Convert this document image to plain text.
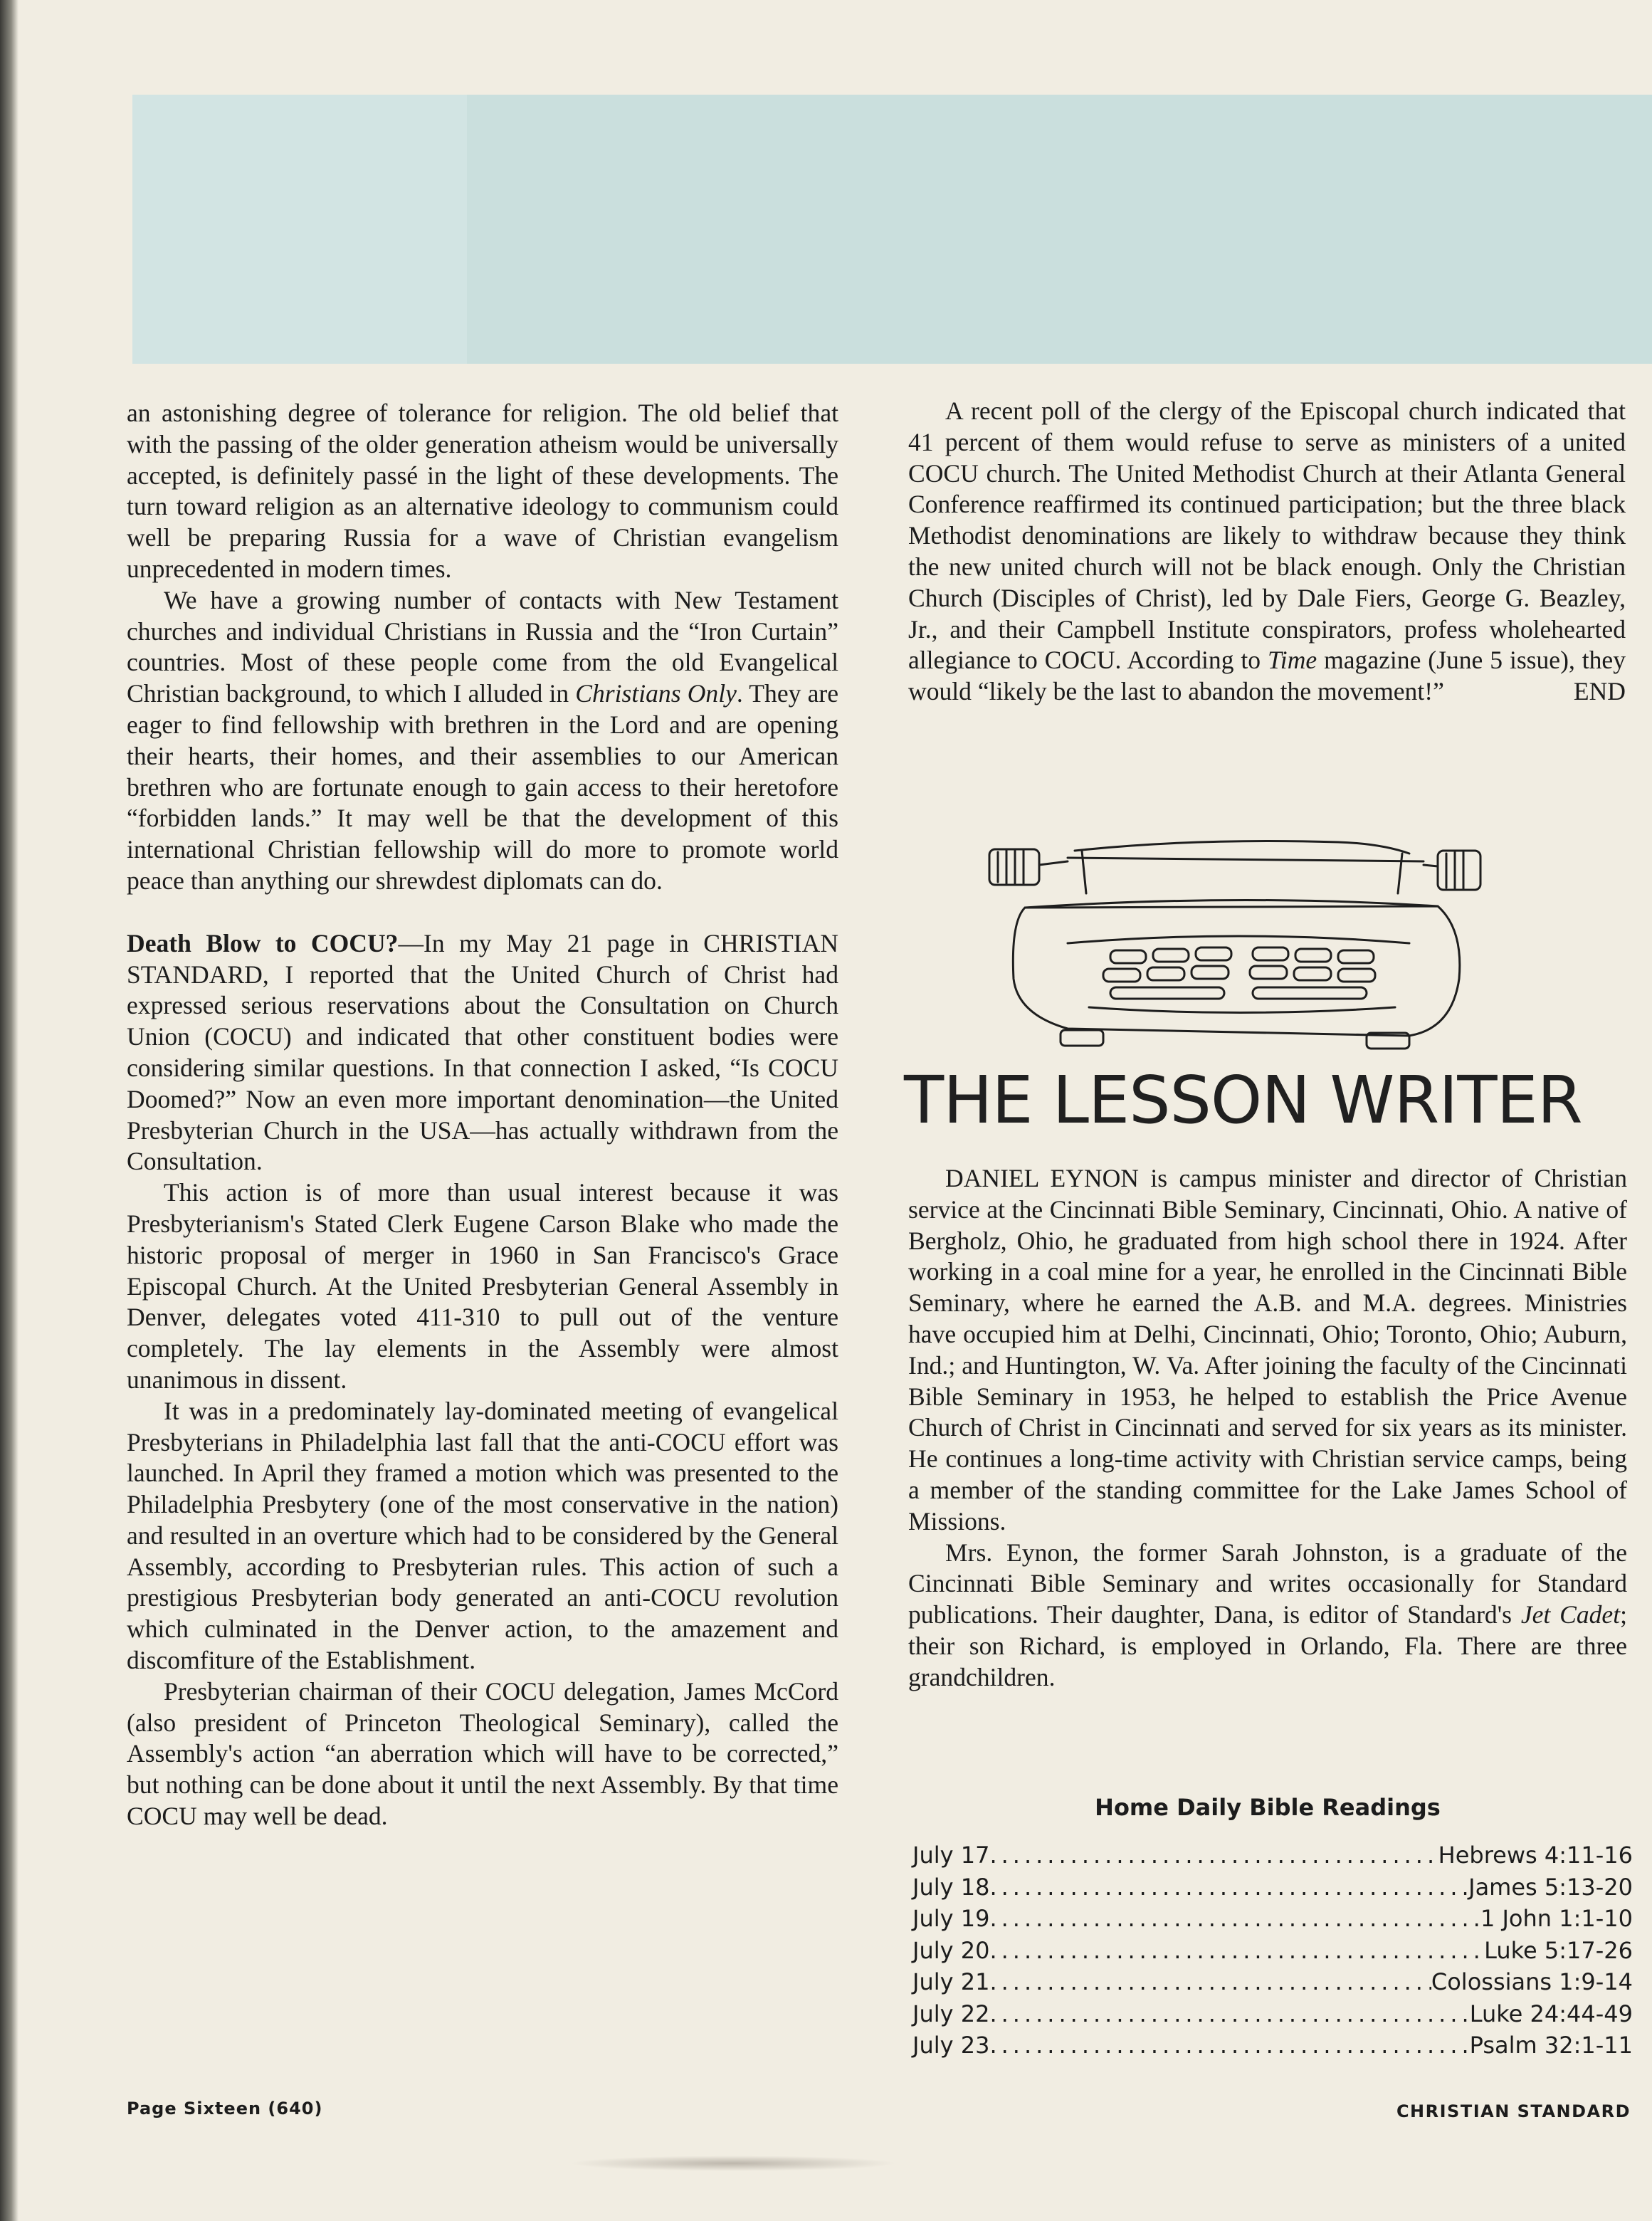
an astonishing degree of tolerance for religion. The old belief that with the passing of the older generation atheism would be universally accepted, is definitely passé in the light of these developments. The turn toward religion as an alternative ideology to communism could well be preparing Russia for a wave of Christian evangelism unprecedented in modern times.

We have a growing number of contacts with New Testament churches and individual Christians in Russia and the “Iron Curtain” countries. Most of these people come from the old Evangelical Christian background, to which I alluded in Christians Only. They are eager to find fellowship with brethren in the Lord and are opening their hearts, their homes, and their assemblies to our American brethren who are fortunate enough to gain access to their heretofore “forbidden lands.” It may well be that the development of this international Christian fellowship will do more to promote world peace than anything our shrewdest diplomats can do.

Death Blow to COCU?—In my May 21 page in CHRISTIAN STANDARD, I reported that the United Church of Christ had expressed serious reservations about the Consultation on Church Union (COCU) and indicated that other constituent bodies were considering similar questions. In that connection I asked, “Is COCU Doomed?” Now an even more important denomination—the United Presbyterian Church in the USA—has actually withdrawn from the Consultation.

This action is of more than usual interest because it was Presbyterianism's Stated Clerk Eugene Carson Blake who made the historic proposal of merger in 1960 in San Francisco's Grace Episcopal Church. At the United Presbyterian General Assembly in Denver, delegates voted 411-310 to pull out of the venture completely. The lay elements in the Assembly were almost unanimous in dissent.

It was in a predominately lay-dominated meeting of evangelical Presbyterians in Philadelphia last fall that the anti-COCU effort was launched. In April they framed a motion which was presented to the Philadelphia Presbytery (one of the most conservative in the nation) and resulted in an overture which had to be considered by the General Assembly, according to Presbyterian rules. This action of such a prestigious Presbyterian body generated an anti-COCU revolution which culminated in the Denver action, to the amazement and discomfiture of the Establishment.

Presbyterian chairman of their COCU delegation, James McCord (also president of Princeton Theological Seminary), called the Assembly's action “an aberration which will have to be corrected,” but nothing can be done about it until the next Assembly. By that time COCU may well be dead.

A recent poll of the clergy of the Episcopal church indicated that 41 percent of them would refuse to serve as ministers of a united COCU church. The United Methodist Church at their Atlanta General Conference reaffirmed its continued participation; but the three black Methodist denominations are likely to withdraw because they think the new united church will not be black enough. Only the Christian Church (Disciples of Christ), led by Dale Fiers, George G. Beazley, Jr., and their Campbell Institute conspirators, profess wholehearted allegiance to COCU. According to Time magazine (June 5 issue), they would “likely be the last to abandon the movement!”	END

THE LESSON WRITER

DANIEL EYNON is campus minister and director of Christian service at the Cincinnati Bible Seminary, Cincinnati, Ohio. A native of Bergholz, Ohio, he graduated from high school there in 1924. After working in a coal mine for a year, he enrolled in the Cincinnati Bible Seminary, where he earned the A.B. and M.A. degrees. Ministries have occupied him at Delhi, Cincinnati, Ohio; Toronto, Ohio; Auburn, Ind.; and Huntington, W. Va. After joining the faculty of the Cincinnati Bible Seminary in 1953, he helped to establish the Price Avenue Church of Christ in Cincinnati and served for six years as its minister. He continues a long-time activity with Christian service camps, being a member of the standing committee for the Lake James School of Missions.

Mrs. Eynon, the former Sarah Johnston, is a graduate of the Cincinnati Bible Seminary and writes occasionally for Standard publications. Their daughter, Dana, is editor of Standard's Jet Cadet; their son Richard, is employed in Orlando, Fla. There are three grandchildren.

Home Daily Bible Readings
July 17 .....	Hebrews 4:11-16
July 18 .....	James 5:13-20
July 19 .....	1 John 1:1-10
July 20 .....	Luke 5:17-26
July 21 .....	Colossians 1:9-14
July 22 .....	Luke 24:44-49
July 23 .....	Psalm 32:1-11
Page Sixteen (640)	CHRISTIAN STANDARD
